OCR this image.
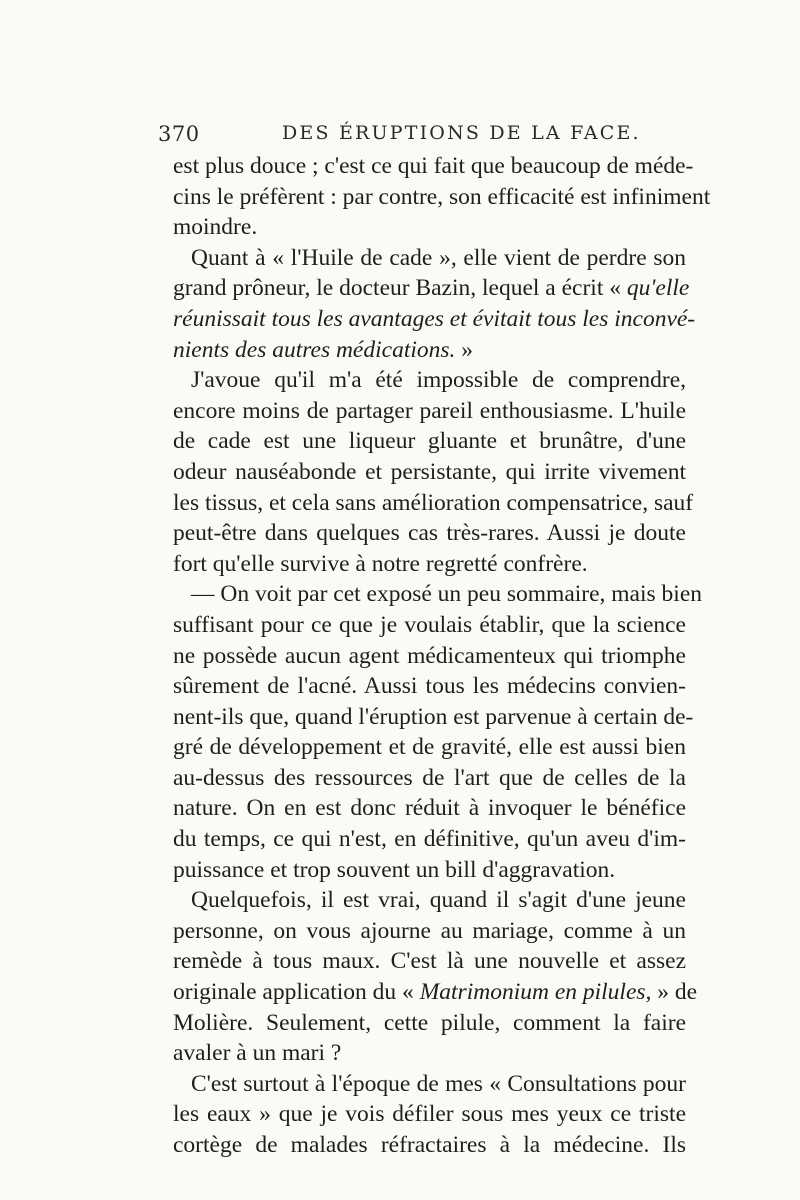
370	DES ÉRUPTIONS DE LA FACE.

est plus douce ; c'est ce qui fait que beaucoup de méde-
cins le préfèrent : par contre, son efficacité est infiniment
moindre.

Quant à « l'Huile de cade », elle vient de perdre son
grand prôneur, le docteur Bazin, lequel a écrit « qu'elle
réunissait tous les avantages et évitait tous les inconvé-
nients des autres médications. »

J'avoue qu'il m'a été impossible de comprendre,
encore moins de partager pareil enthousiasme. L'huile
de cade est une liqueur gluante et brunâtre, d'une
odeur nauséabonde et persistante, qui irrite vivement
les tissus, et cela sans amélioration compensatrice, sauf
peut-être dans quelques cas très-rares. Aussi je doute
fort qu'elle survive à notre regretté confrère.

— On voit par cet exposé un peu sommaire, mais bien
suffisant pour ce que je voulais établir, que la science
ne possède aucun agent médicamenteux qui triomphe
sûrement de l'acné. Aussi tous les médecins convien-
nent-ils que, quand l'éruption est parvenue à certain de-
gré de développement et de gravité, elle est aussi bien
au-dessus des ressources de l'art que de celles de la
nature. On en est donc réduit à invoquer le bénéfice
du temps, ce qui n'est, en définitive, qu'un aveu d'im-
puissance et trop souvent un bill d'aggravation.

Quelquefois, il est vrai, quand il s'agit d'une jeune
personne, on vous ajourne au mariage, comme à un
remède à tous maux. C'est là une nouvelle et assez
originale application du « Matrimonium en pilules, » de
Molière. Seulement, cette pilule, comment la faire
avaler à un mari ?

C'est surtout à l'époque de mes « Consultations pour
les eaux » que je vois défiler sous mes yeux ce triste
cortège de malades réfractaires à la médecine. Ils
